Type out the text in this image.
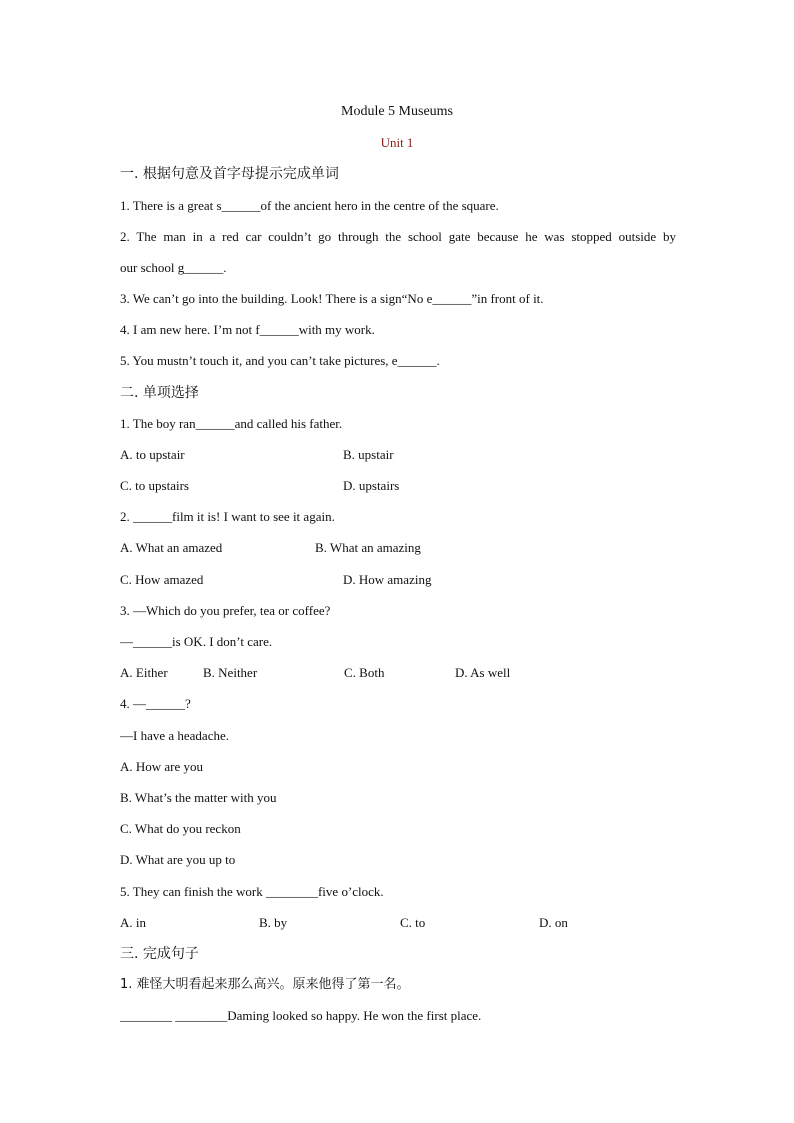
Module 5 Museums
Unit 1
一. 根据句意及首字母提示完成单词
1. There is a great s______of the ancient hero in the centre of the square.
2. The man in a red car couldn’t go through the school gate because he was stopped outside by
our school g______.
3. We can’t go into the building. Look! There is a sign“No e______”in front of it.
4. I am new here. I’m not f______with my work.
5. You mustn’t touch it, and you can’t take pictures, e______.
二. 单项选择
1. The boy ran______and called his father.
A. to upstair	B. upstair
C. to upstairs	D. upstairs
2. ______film it is! I want to see it again.
A. What an amazed	B. What an amazing
C. How amazed	D. How amazing
3. —Which do you prefer, tea or coffee?
—______is OK. I don’t care.
A. Either	B. Neither	C. Both	D. As well
4. —______?
—I have a headache.
A. How are you
B. What’s the matter with you
C. What do you reckon
D. What are you up to
5. They can finish the work ________five o’clock.
A. in	B. by	C. to	D. on
三. 完成句子
1. 难怪大明看起来那么高兴。原来他得了第一名。
________ ________Daming looked so happy. He won the first place.
